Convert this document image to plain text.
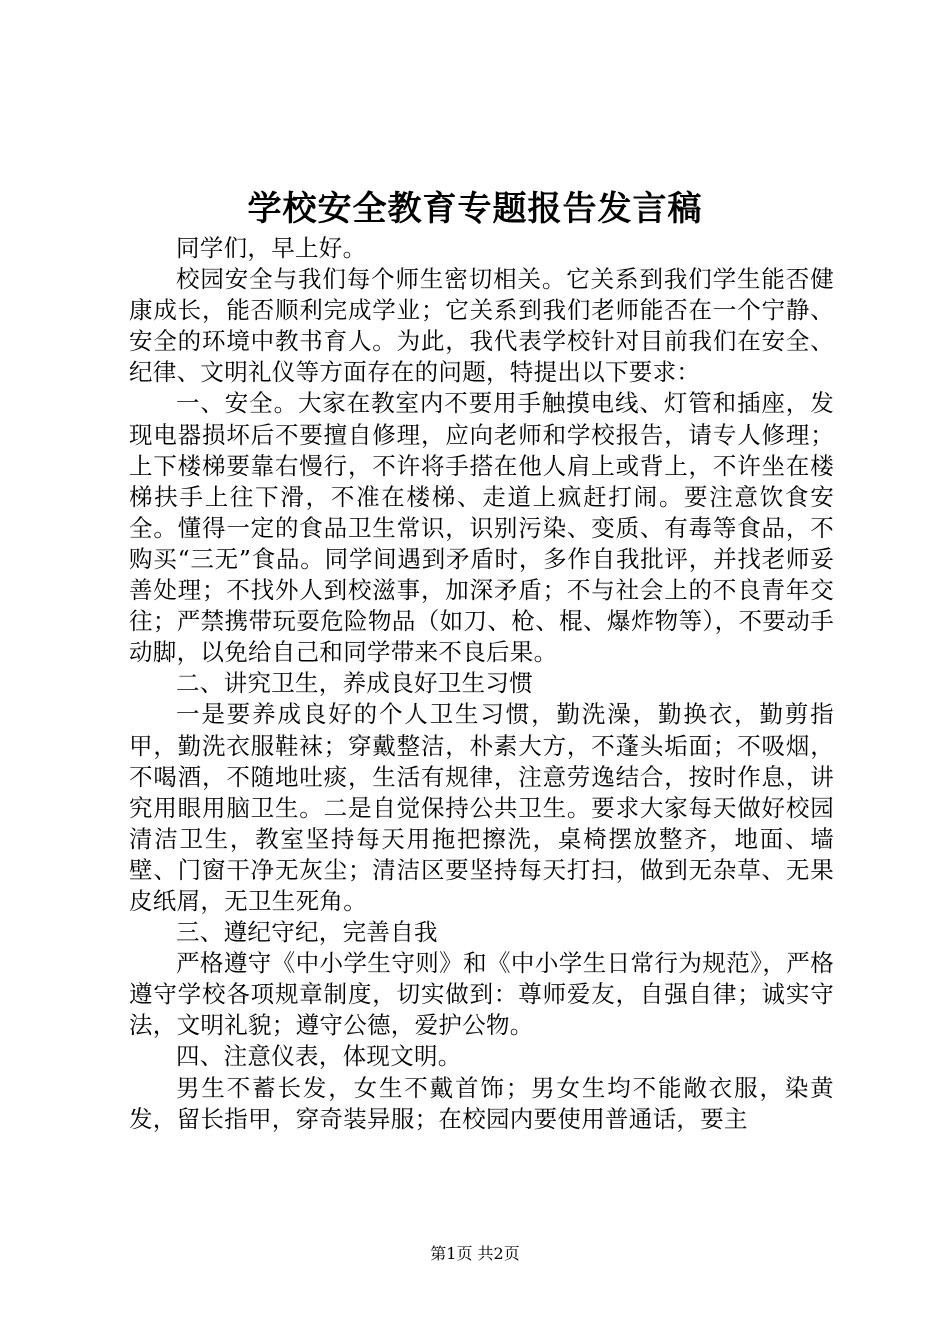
学校安全教育专题报告发言稿

同学们，早上好。

校园安全与我们每个师生密切相关。它关系到我们学生能否健康成长，能否顺利完成学业；它关系到我们老师能否在一个宁静、安全的环境中教书育人。为此，我代表学校针对目前我们在安全、纪律、文明礼仪等方面存在的问题，特提出以下要求：

一、安全。大家在教室内不要用手触摸电线、灯管和插座，发现电器损坏后不要擅自修理，应向老师和学校报告，请专人修理；上下楼梯要靠右慢行，不许将手搭在他人肩上或背上，不许坐在楼梯扶手上往下滑，不准在楼梯、走道上疯赶打闹。要注意饮食安全。懂得一定的食品卫生常识，识别污染、变质、有毒等食品，不购买“三无”食品。同学间遇到矛盾时，多作自我批评，并找老师妥善处理；不找外人到校滋事，加深矛盾；不与社会上的不良青年交往；严禁携带玩耍危险物品（如刀、枪、棍、爆炸物等），不要动手动脚，以免给自己和同学带来不良后果。

二、讲究卫生，养成良好卫生习惯

一是要养成良好的个人卫生习惯，勤洗澡，勤换衣，勤剪指甲，勤洗衣服鞋袜；穿戴整洁，朴素大方，不蓬头垢面；不吸烟，不喝酒，不随地吐痰，生活有规律，注意劳逸结合，按时作息，讲究用眼用脑卫生。二是自觉保持公共卫生。要求大家每天做好校园清洁卫生，教室坚持每天用拖把擦洗，桌椅摆放整齐，地面、墙壁、门窗干净无灰尘；清洁区要坚持每天打扫，做到无杂草、无果皮纸屑，无卫生死角。

三、遵纪守纪，完善自我

严格遵守《中小学生守则》和《中小学生日常行为规范》，严格遵守学校各项规章制度，切实做到：尊师爱友，自强自律；诚实守法，文明礼貌；遵守公德，爱护公物。

四、注意仪表，体现文明。

男生不蓄长发，女生不戴首饰；男女生均不能敞衣服，染黄发，留长指甲，穿奇装异服；在校园内要使用普通话，要主

第1页 共2页
